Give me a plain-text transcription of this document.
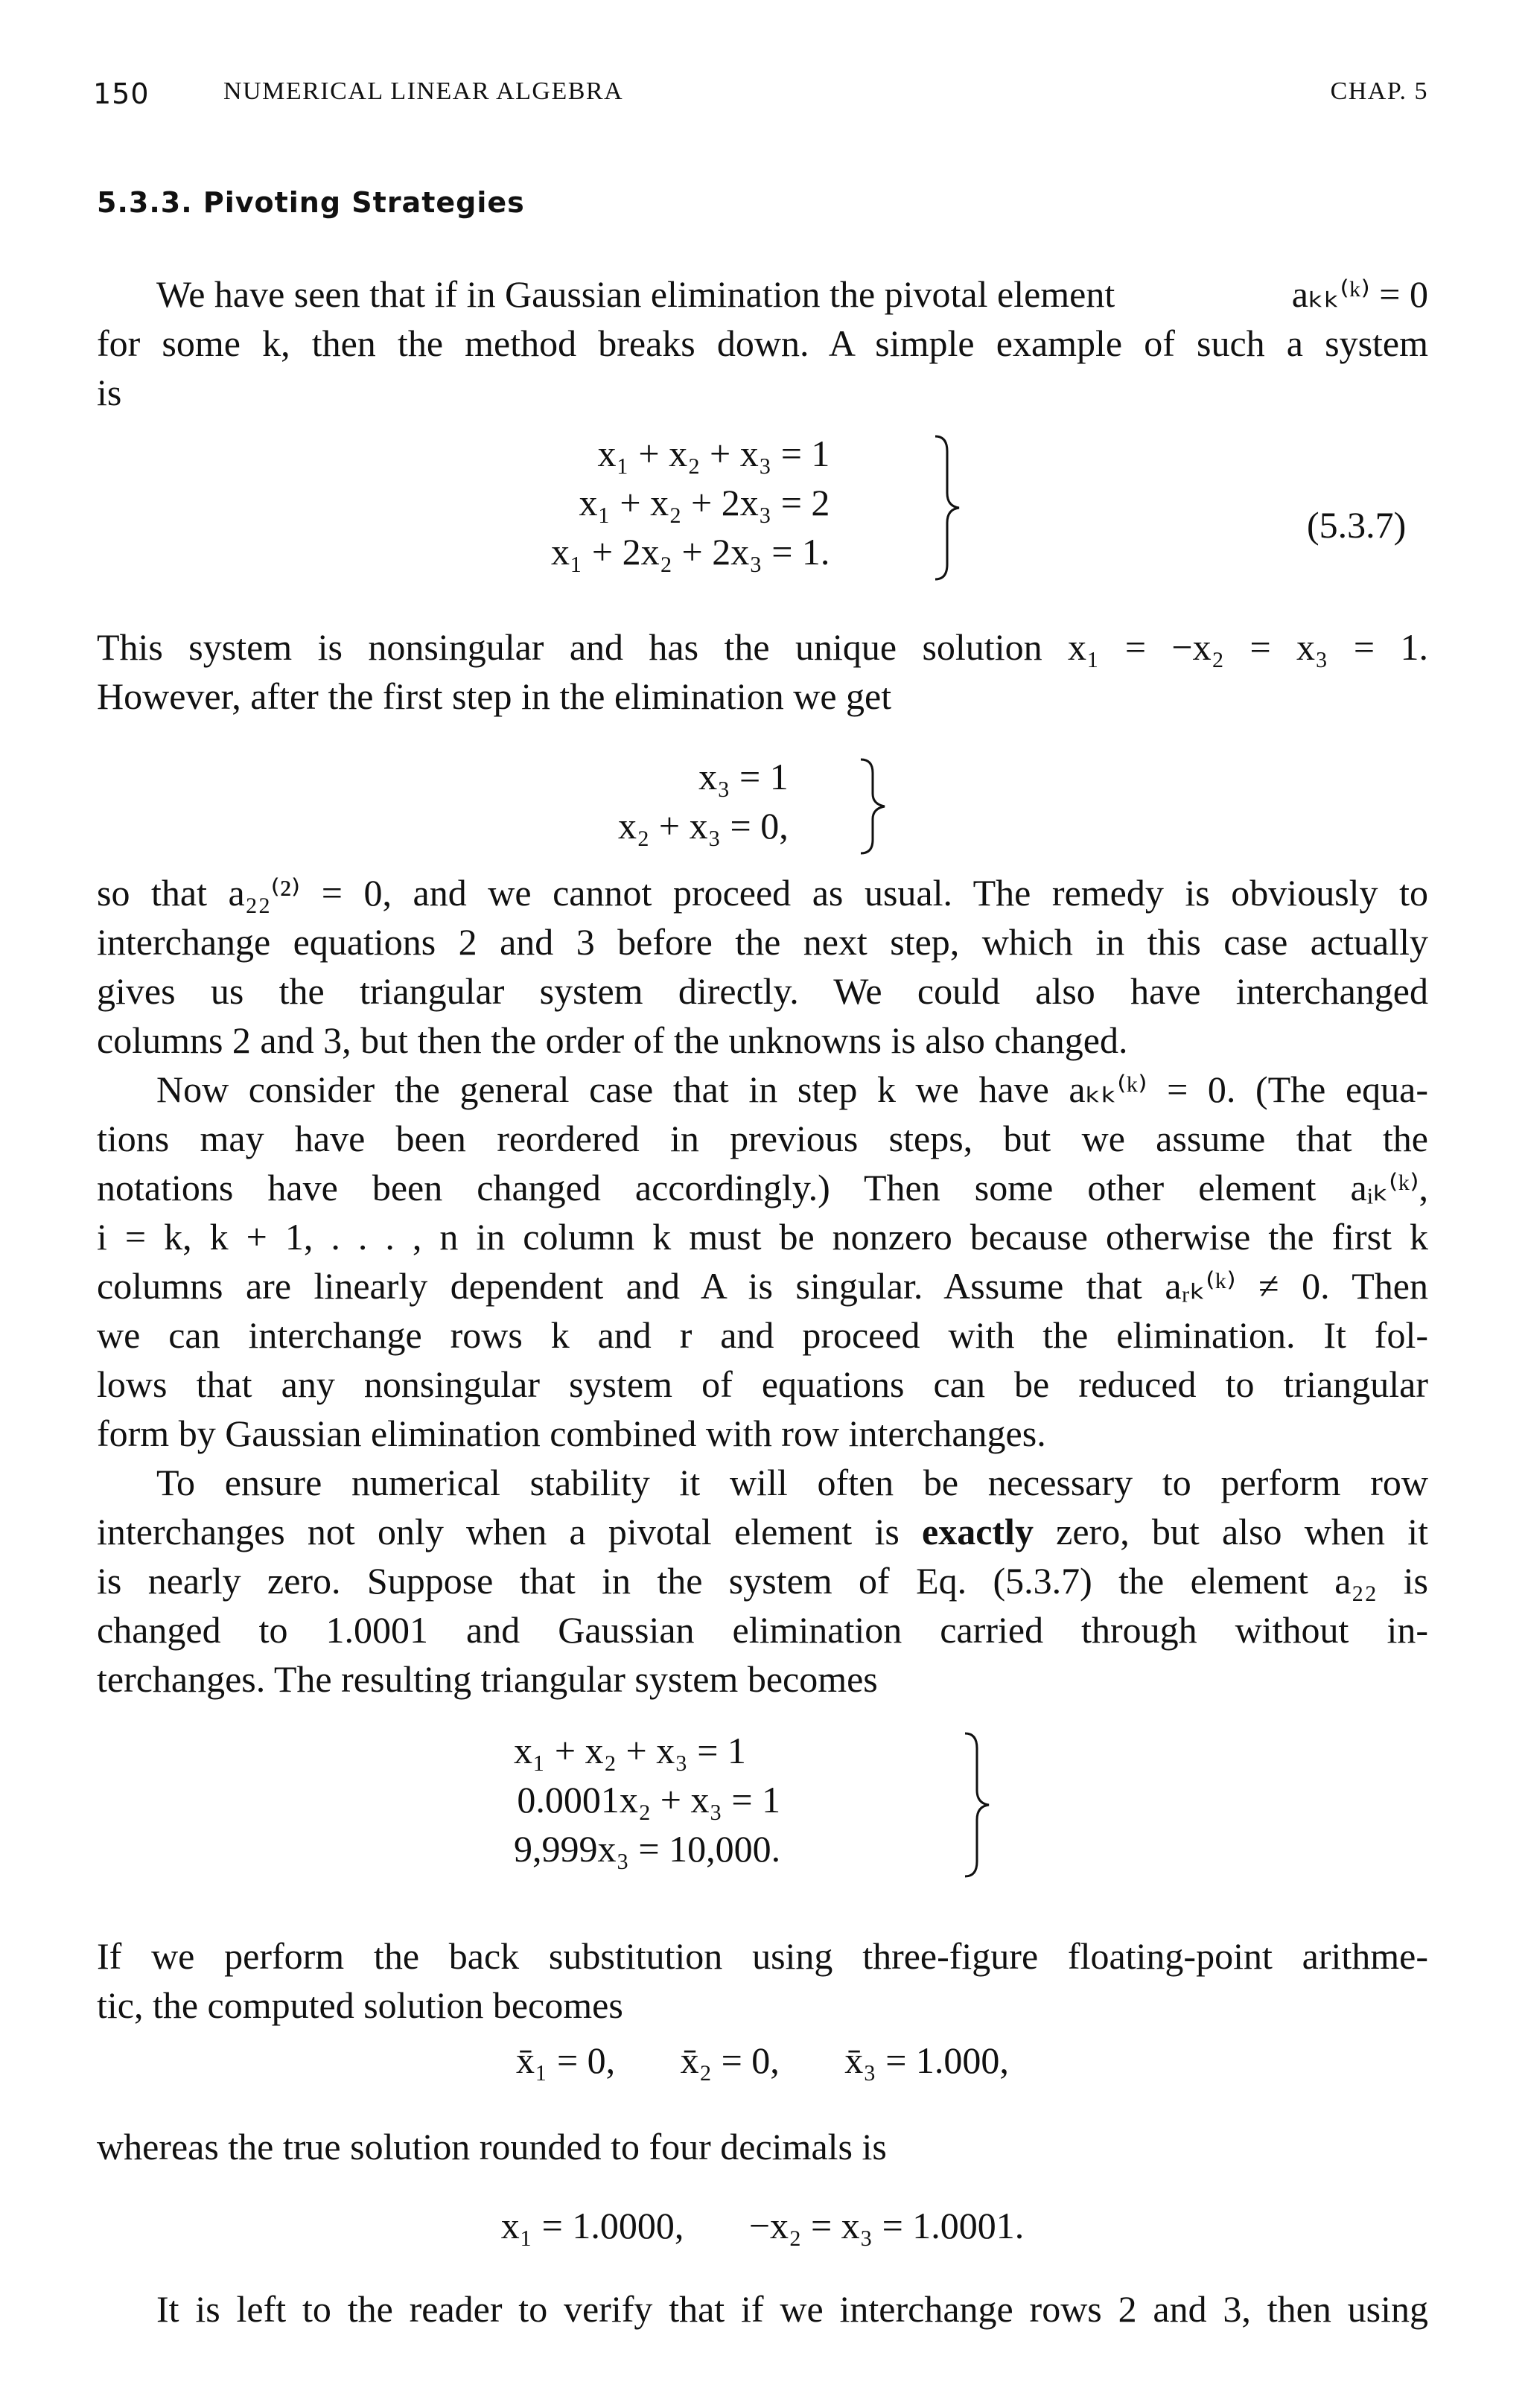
150	NUMERICAL LINEAR ALGEBRA	CHAP. 5
5.3.3. Pivoting Strategies
We have seen that if in Gaussian elimination the pivotal element	aₖₖ⁽ᵏ⁾ = 0
for some k, then the method breaks down. A simple example of such a system
is
x₁ + x₂ + x₃ = 1
x₁ + x₂ + 2x₃ = 2
x₁ + 2x₂ + 2x₃ = 1.
(5.3.7)
This system is nonsingular and has the unique solution x₁ = −x₂ = x₃ = 1.
However, after the first step in the elimination we get
x₃ = 1
x₂ + x₃ = 0,
so that a₂₂⁽²⁾ = 0, and we cannot proceed as usual. The remedy is obviously to
interchange equations 2 and 3 before the next step, which in this case actually
gives us the triangular system directly. We could also have interchanged
columns 2 and 3, but then the order of the unknowns is also changed.
Now consider the general case that in step k we have aₖₖ⁽ᵏ⁾ = 0. (The equa-
tions may have been reordered in previous steps, but we assume that the
notations have been changed accordingly.) Then some other element aᵢₖ⁽ᵏ⁾,
i = k, k + 1, . . . , n in column k must be nonzero because otherwise the first k
columns are linearly dependent and A is singular. Assume that aᵣₖ⁽ᵏ⁾ ≠ 0. Then
we can interchange rows k and r and proceed with the elimination. It fol-
lows that any nonsingular system of equations can be reduced to triangular
form by Gaussian elimination combined with row interchanges.
To ensure numerical stability it will often be necessary to perform row
interchanges not only when a pivotal element is exactly zero, but also when it
is nearly zero. Suppose that in the system of Eq. (5.3.7) the element a₂₂ is
changed to 1.0001 and Gaussian elimination carried through without in-
terchanges. The resulting triangular system becomes
x₁ + x₂ + x₃ = 1
0.0001x₂ + x₃ = 1
9,999x₃ = 10,000.
If we perform the back substitution using three-figure floating-point arithme-
tic, the computed solution becomes
x̄₁ = 0,       x̄₂ = 0,       x̄₃ = 1.000,
whereas the true solution rounded to four decimals is
x₁ = 1.0000,       −x₂ = x₃ = 1.0001.
It is left to the reader to verify that if we interchange rows 2 and 3, then using
